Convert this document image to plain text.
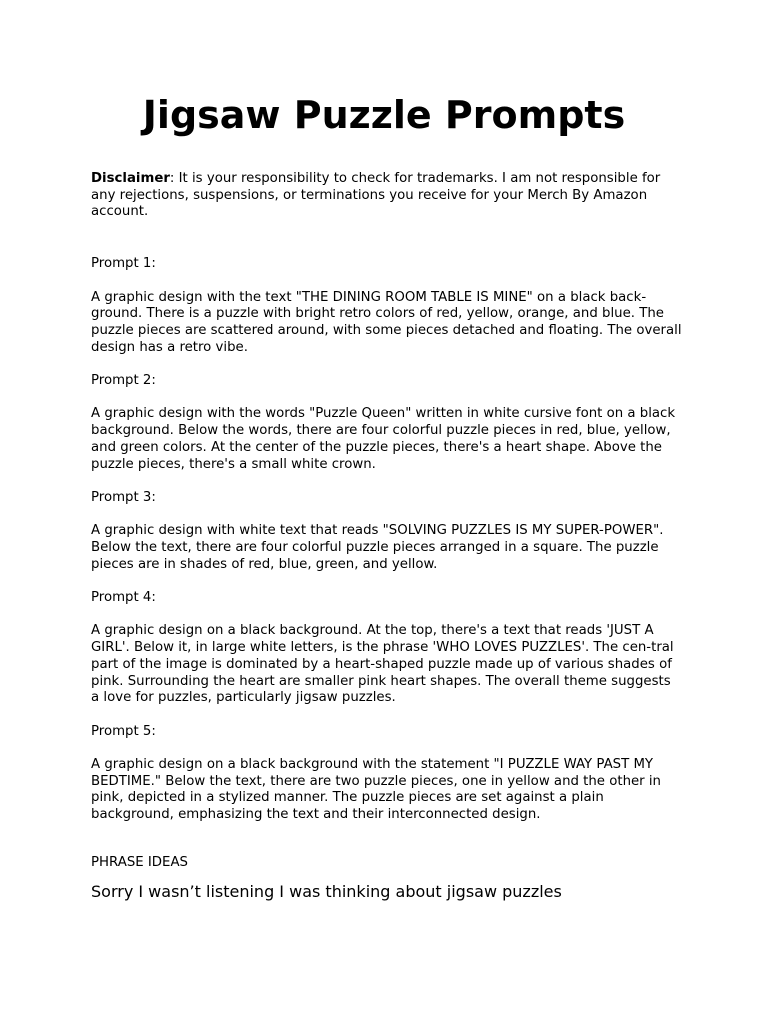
Jigsaw Puzzle Prompts

Disclaimer: It is your responsibility to check for trademarks. I am not responsible for any rejections, suspensions, or terminations you receive for your Merch By Amazon account.

Prompt 1:

A graphic design with the text "THE DINING ROOM TABLE IS MINE" on a black back-ground. There is a puzzle with bright retro colors of red, yellow, orange, and blue. The puzzle pieces are scattered around, with some pieces detached and floating. The overall design has a retro vibe.

Prompt 2:

A graphic design with the words "Puzzle Queen" written in white cursive font on a black background. Below the words, there are four colorful puzzle pieces in red, blue, yellow, and green colors. At the center of the puzzle pieces, there's a heart shape. Above the puzzle pieces, there's a small white crown.

Prompt 3:

A graphic design with white text that reads "SOLVING PUZZLES IS MY SUPER-POWER". Below the text, there are four colorful puzzle pieces arranged in a square. The puzzle pieces are in shades of red, blue, green, and yellow.

Prompt 4:

A graphic design on a black background. At the top, there's a text that reads 'JUST A GIRL'. Below it, in large white letters, is the phrase 'WHO LOVES PUZZLES'. The cen-tral part of the image is dominated by a heart-shaped puzzle made up of various shades of pink. Surrounding the heart are smaller pink heart shapes. The overall theme suggests a love for puzzles, particularly jigsaw puzzles.

Prompt 5:

A graphic design on a black background with the statement "I PUZZLE WAY PAST MY BEDTIME." Below the text, there are two puzzle pieces, one in yellow and the other in pink, depicted in a stylized manner. The puzzle pieces are set against a plain background, emphasizing the text and their interconnected design.

PHRASE IDEAS

Sorry I wasn’t listening I was thinking about jigsaw puzzles
